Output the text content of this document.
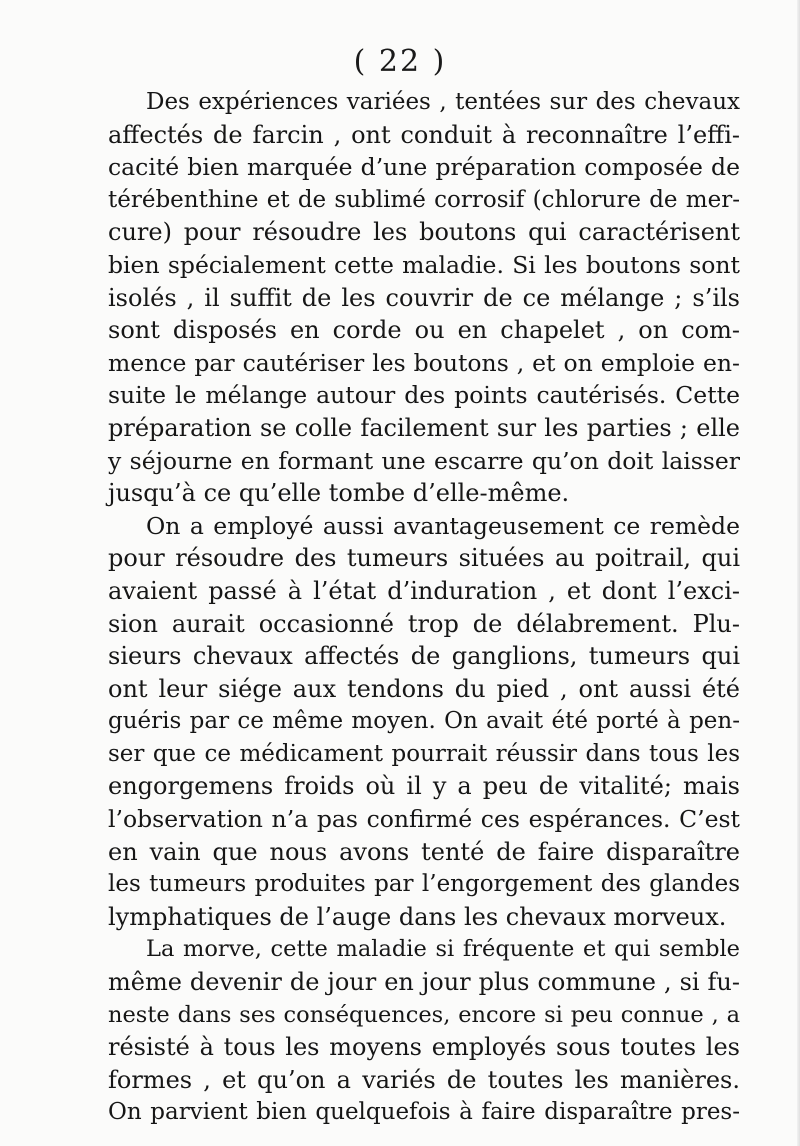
( 22 )
Des expériences variées , tentées sur des chevaux
affectés de farcin , ont conduit à reconnaître l’effi-
cacité bien marquée d’une préparation composée de
térébenthine et de sublimé corrosif (chlorure de mer-
cure) pour résoudre les boutons qui caractérisent
bien spécialement cette maladie. Si les boutons sont
isolés , il suffit de les couvrir de ce mélange ; s’ils
sont disposés en corde ou en chapelet , on com-
mence par cautériser les boutons , et on emploie en-
suite le mélange autour des points cautérisés. Cette
préparation se colle facilement sur les parties ; elle
y séjourne en formant une escarre qu’on doit laisser
jusqu’à ce qu’elle tombe d’elle-même.
On a employé aussi avantageusement ce remède
pour résoudre des tumeurs situées au poitrail, qui
avaient passé à l’état d’induration , et dont l’exci-
sion aurait occasionné trop de délabrement. Plu-
sieurs chevaux affectés de ganglions, tumeurs qui
ont leur siége aux tendons du pied , ont aussi été
guéris par ce même moyen. On avait été porté à pen-
ser que ce médicament pourrait réussir dans tous les
engorgemens froids où il y a peu de vitalité; mais
l’observation n’a pas confirmé ces espérances. C’est
en vain que nous avons tenté de faire disparaître
les tumeurs produites par l’engorgement des glandes
lymphatiques de l’auge dans les chevaux morveux.
La morve, cette maladie si fréquente et qui semble
même devenir de jour en jour plus commune , si fu-
neste dans ses conséquences, encore si peu connue , a
résisté à tous les moyens employés sous toutes les
formes , et qu’on a variés de toutes les manières.
On parvient bien quelquefois à faire disparaître pres-
